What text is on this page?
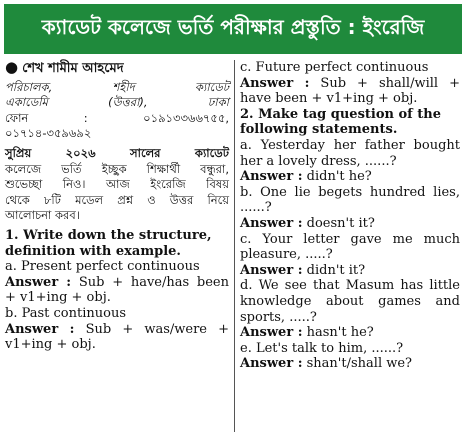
ক্যাডেট কলেজে ভর্তি পরীক্ষার প্রস্তুতি : ইংরেজি
● শেখ শামীম আহমেদ
পরিচালক, শহীদ ক্যাডেট
একাডেমি (উত্তরা), ঢাকা
ফোন : ০১৯১৩৩৬৬৭৫৫,
০১৭১৪-৩৫৯৬৯২
সুপ্রিয় ২০২৬ সালের ক্যাডেট
কলেজে ভর্তি ইচ্ছুক শিক্ষার্থী বন্ধুরা,
শুভেচ্ছা নিও। আজ ইংরেজি বিষয়
থেকে ৮টি মডেল প্রশ্ন ও উত্তর নিয়ে
আলোচনা করব।
1. Write down the structure,
definition with example.
a. Present perfect continuous
Answer : Sub + have/has been
+ v1+ing + obj.
b. Past continuous
Answer : Sub + was/were +
v1+ing + obj.
c. Future perfect continuous
Answer : Sub + shall/will +
have been + v1+ing + obj.
2. Make tag question of the
following statements.
a. Yesterday her father bought
her a lovely dress, ......?
Answer : didn't he?
b. One lie begets hundred lies,
......?
Answer : doesn't it?
c. Your letter gave me much
pleasure, .....?
Answer : didn't it?
d. We see that Masum has little
knowledge about games and
sports, .....?
Answer : hasn't he?
e. Let's talk to him, ......?
Answer : shan't/shall we?
